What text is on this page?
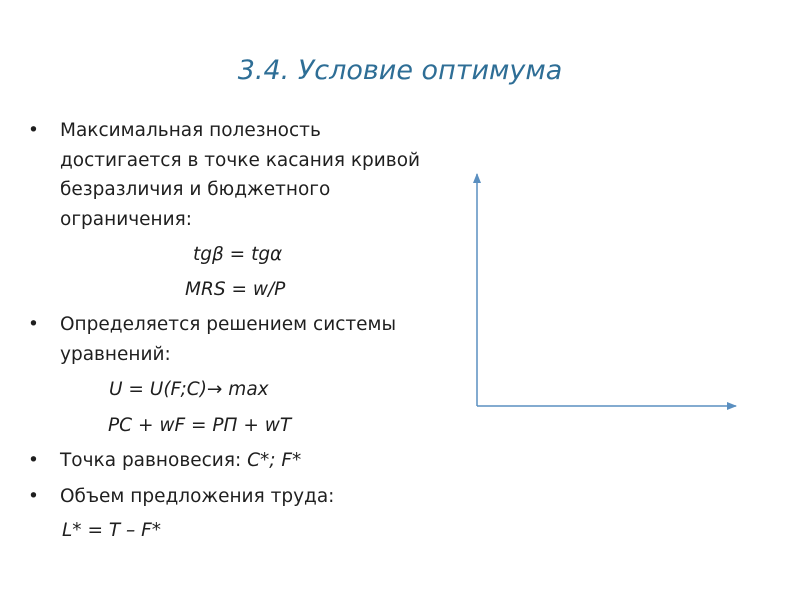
3.4. Условие оптимума
•	Максимальная полезность
достигается в точке касания кривой
безразличия и бюджетного
ограничения:
tgβ = tgα
MRS = w/P
•	Определяется решением системы
уравнений:
U = U(F;C)→ max
PC + wF = PП + wT
•	Точка равновесия: C*; F*
•	Объем предложения труда:
L* = T – F*
